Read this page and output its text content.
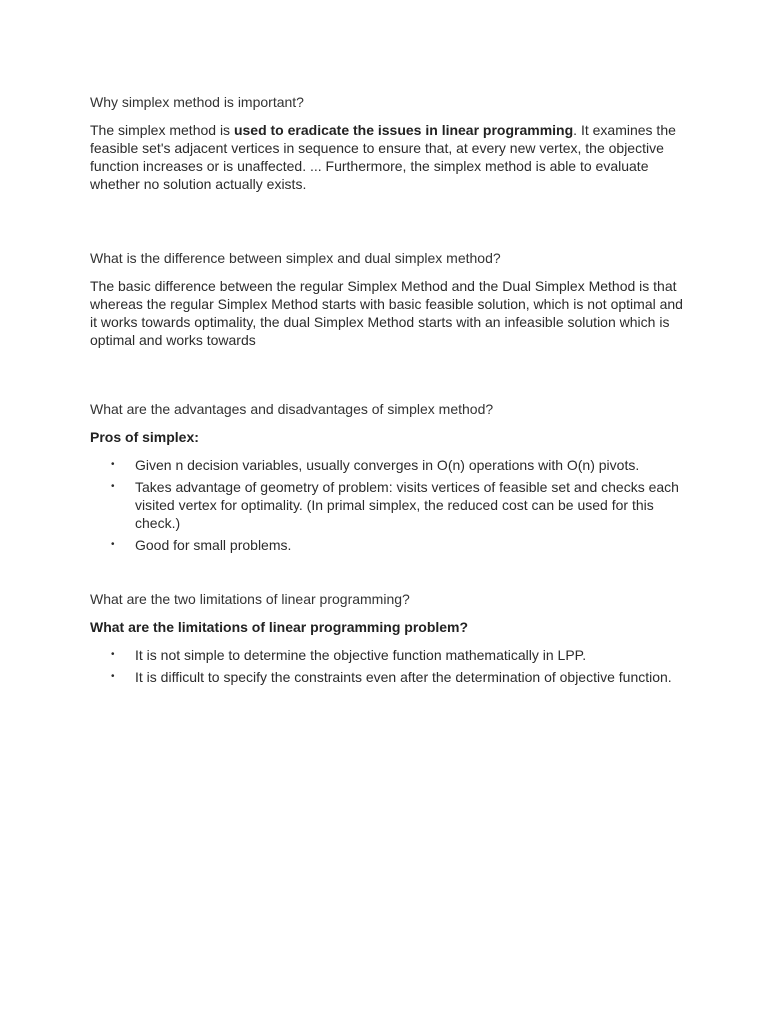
Why simplex method is important?

The simplex method is used to eradicate the issues in linear programming. It examines the feasible set's adjacent vertices in sequence to ensure that, at every new vertex, the objective function increases or is unaffected. ... Furthermore, the simplex method is able to evaluate whether no solution actually exists.

What is the difference between simplex and dual simplex method?

The basic difference between the regular Simplex Method and the Dual Simplex Method is that whereas the regular Simplex Method starts with basic feasible solution, which is not optimal and it works towards optimality, the dual Simplex Method starts with an infeasible solution which is optimal and works towards

What are the advantages and disadvantages of simplex method?

Pros of simplex:

• Given n decision variables, usually converges in O(n) operations with O(n) pivots.
• Takes advantage of geometry of problem: visits vertices of feasible set and checks each visited vertex for optimality. (In primal simplex, the reduced cost can be used for this check.)
• Good for small problems.

What are the two limitations of linear programming?

What are the limitations of linear programming problem?

• It is not simple to determine the objective function mathematically in LPP.
• It is difficult to specify the constraints even after the determination of objective function.
